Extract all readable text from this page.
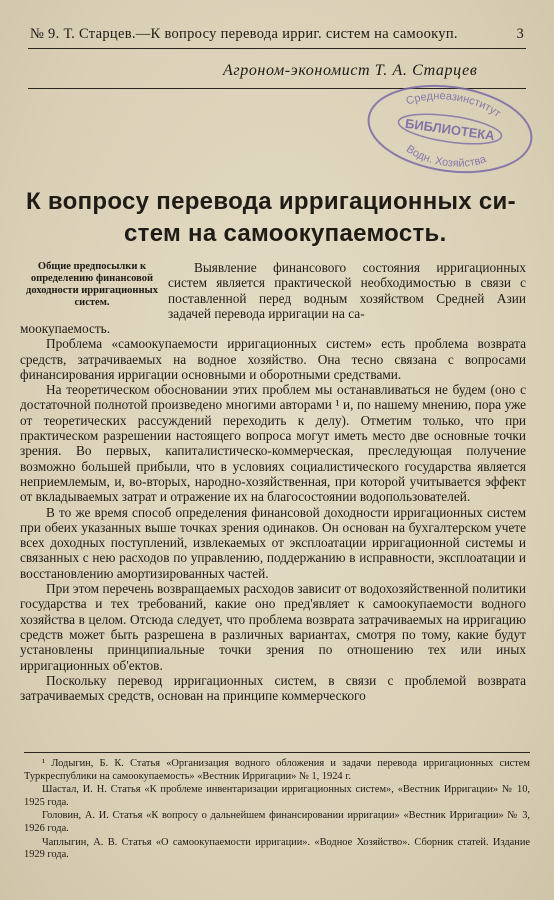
№ 9. Т. Старцев.—К вопросу перевода ирриг. систем на самоокуп.	3
Агроном-экономист Т. А. Старцев
Среднеазинститут
БИБЛИОТЕКА
Водн. Хозяйства
К вопросу перевода ирригационных си-
стем на самоокупаемость.
Общие предпосылки к определению финансовой доходности ирригационных систем.
Выявление финансового состояния ирригационных систем является практической необходимостью в связи с поставленной перед водным хозяйством Средней Азии задачей перевода ирригации на са-

моокупаемость.

Проблема «самоокупаемости ирригационных систем» есть проблема возврата средств, затрачиваемых на водное хозяйство. Она тесно связана с вопросами финансирования ирригации основными и оборотными средствами.

На теоретическом обосновании этих проблем мы останавливаться не будем (оно с достаточной полнотой произведено многими авторами ¹ и, по нашему мнению, пора уже от теоретических рассуждений переходить к делу). Отметим только, что при практическом разрешении настоящего вопроса могут иметь место две основные точки зрения. Во первых, капиталистическо-коммерческая, преследующая получение возможно большей прибыли, что в условиях социалистического государства является неприемлемым, и, во-вторых, народно-хозяйственная, при которой учитывается эффект от вкладываемых затрат и отражение их на благосостоянии водопользователей.

В то же время способ определения финансовой доходности ирригационных систем при обеих указанных выше точках зрения одинаков. Он основан на бухгалтерском учете всех доходных поступлений, извлекаемых от эксплоатации ирригационной системы и связанных с нею расходов по управлению, поддержанию в исправности, эксплоатации и восстановлению амортизированных частей.

При этом перечень возвращаемых расходов зависит от водохозяйственной политики государства и тех требований, какие оно пред'являет к самоокупаемости водного хозяйства в целом. Отсюда следует, что проблема возврата затрачиваемых на ирригацию средств может быть разрешена в различных вариантах, смотря по тому, какие будут установлены принципиальные точки зрения по отношению тех или иных ирригационных об'ектов.

Поскольку перевод ирригационных систем, в связи с проблемой возврата затрачиваемых средств, основан на принципе коммерческого

¹ Лодыгин, Б. К. Статья «Организация водного обложения и задачи перевода ирригационных систем Туркреспублики на самоокупаемость» «Вестник Ирригации» № 1, 1924 г.

Шастал, И. Н. Статья «К проблеме инвентаризации ирригационных систем», «Вестник Ирригации» № 10, 1925 года.

Головин, А. И. Статья «К вопросу о дальнейшем финансировании ирригации» «Вестник Ирригации» № 3, 1926 года.

Чаплыгин, А. В. Статья «О самоокупаемости ирригации». «Водное Хозяйство». Сборник статей. Издание 1929 года.
